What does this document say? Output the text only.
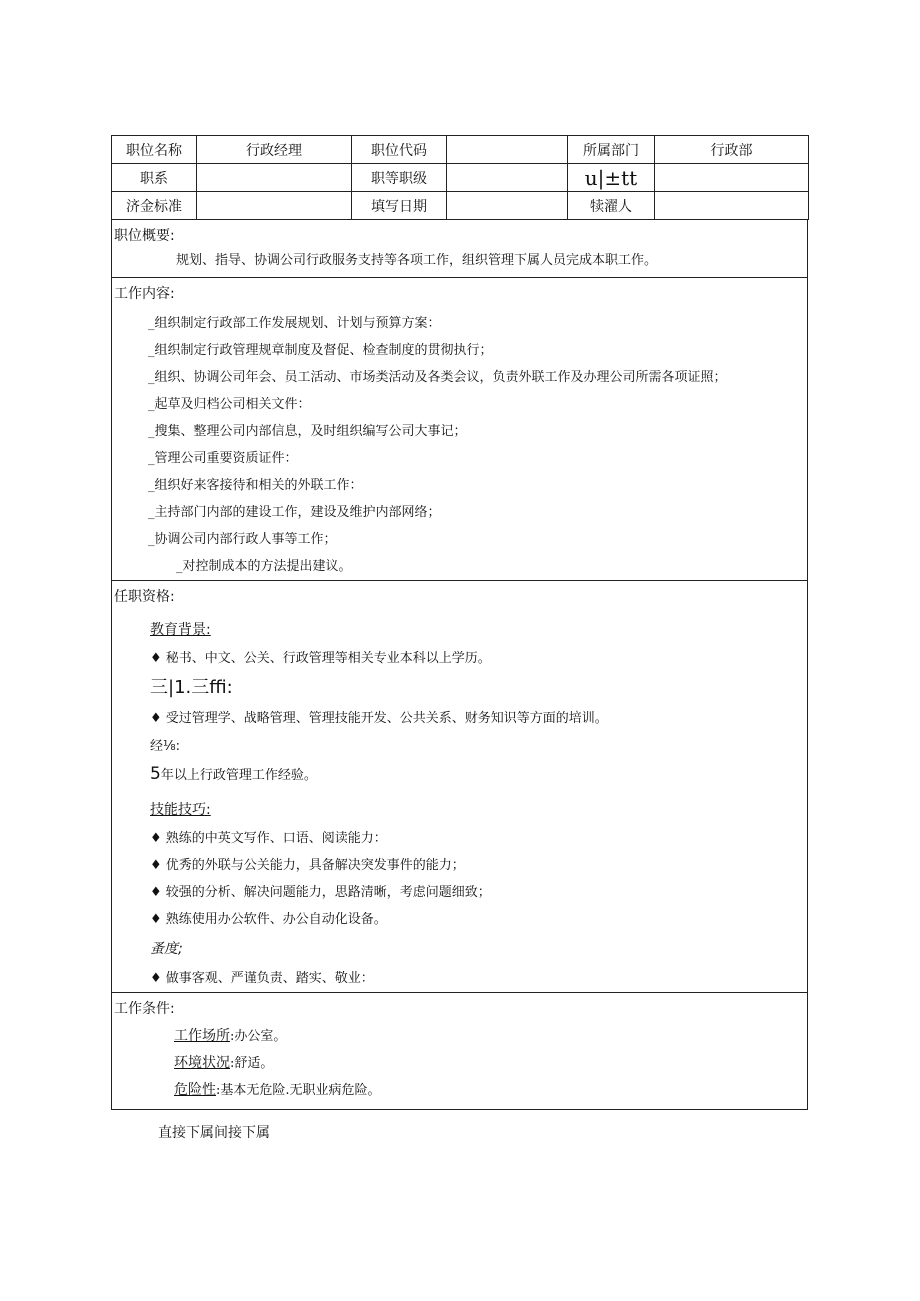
职位名称	行政经理	职位代码		所属部门	行政部
职系		职等职级		u|±tt	
济金标准		填写日期		犊濯人	
职位概要:
规划、指导、协调公司行政服务支持等各项工作，组织管理下属人员完成本职工作。
工作内容:
_组织制定行政部工作发展规划、计划与预算方案：
_组织制定行政管理规章制度及督促、检查制度的贯彻执行；
_组织、协调公司年会、员工活动、市场类活动及各类会议，负责外联工作及办理公司所需各项证照；
_起草及归档公司相关文件：
_搜集、整理公司内部信息，及时组织编写公司大事记；
_管理公司重要资质证件：
_组织好来客接待和相关的外联工作：
_主持部门内部的建设工作，建设及维护内部网络；
_协调公司内部行政人事等工作；
_对控制成本的方法提出建议。
任职资格:
教育背景:
♦ 秘书、中文、公关、行政管理等相关专业本科以上学历。
三|1.三ffi:
♦ 受过管理学、战略管理、管理技能开发、公共关系、财务知识等方面的培训。
经⅛:
5年以上行政管理工作经验。
技能技巧:
♦ 熟练的中英文写作、口语、阅读能力：
♦ 优秀的外联与公关能力，具备解决突发事件的能力；
♦ 较强的分析、解决问题能力，思路清晰，考虑问题细致；
♦ 熟练使用办公软件、办公自动化设备。
蚤度;
♦ 做事客观、严谨负责、踏实、敬业：
工作条件:
工作场所:办公室。
环境状况:舒适。
危险性:基本无危险.无职业病危险。
直接下属间接下属
